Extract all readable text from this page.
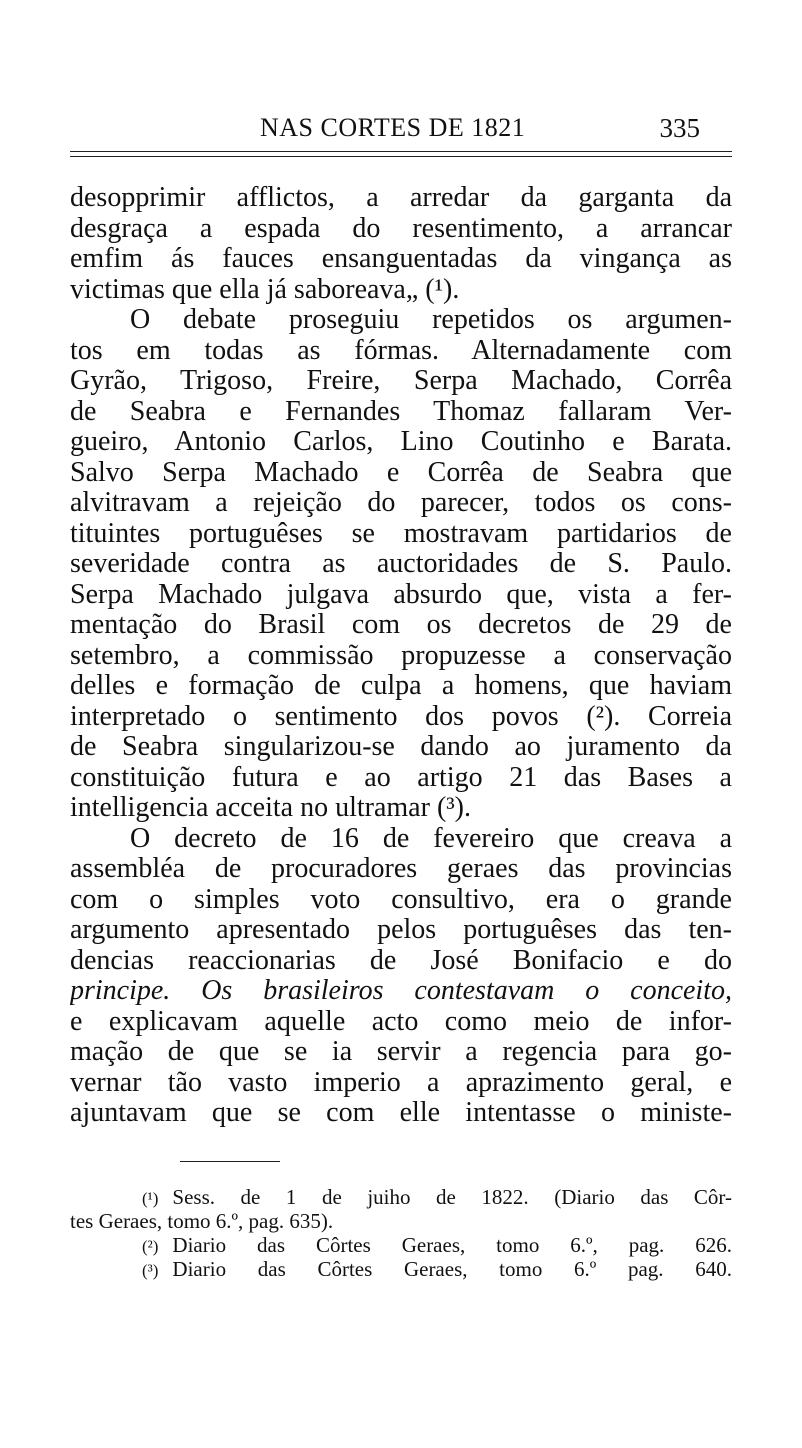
NAS CORTES DE 1821	335
desopprimir afflictos, a arredar da garganta da
desgraça a espada do resentimento, a arrancar
emfim ás fauces ensanguentadas da vingança as
victimas que ella já saboreava„ (¹).
O debate proseguiu repetidos os argumen-
tos em todas as fórmas. Alternadamente com
Gyrão, Trigoso, Freire, Serpa Machado, Corrêa
de Seabra e Fernandes Thomaz fallaram Ver-
gueiro, Antonio Carlos, Lino Coutinho e Barata.
Salvo Serpa Machado e Corrêa de Seabra que
alvitravam a rejeição do parecer, todos os cons-
tituintes portuguêses se mostravam partidarios de
severidade contra as auctoridades de S. Paulo.
Serpa Machado julgava absurdo que, vista a fer-
mentação do Brasil com os decretos de 29 de
setembro, a commissão propuzesse a conservação
delles e formação de culpa a homens, que haviam
interpretado o sentimento dos povos (²). Correia
de Seabra singularizou-se dando ao juramento da
constituição futura e ao artigo 21 das Bases a
intelligencia acceita no ultramar (³).
O decreto de 16 de fevereiro que creava a
assembléa de procuradores geraes das provincias
com o simples voto consultivo, era o grande
argumento apresentado pelos portuguêses das ten-
dencias reaccionarias de José Bonifacio e do
principe. Os brasileiros contestavam o conceito,
e explicavam aquelle acto como meio de infor-
mação de que se ia servir a regencia para go-
vernar tão vasto imperio a aprazimento geral, e
ajuntavam que se com elle intentasse o ministe-
(¹) Sess. de 1 de juiho de 1822. (Diario das Côr-
tes Geraes, tomo 6.º, pag. 635).
(²) Diario das Côrtes Geraes, tomo 6.º, pag. 626.
(³) Diario das Côrtes Geraes, tomo 6.º pag. 640.
